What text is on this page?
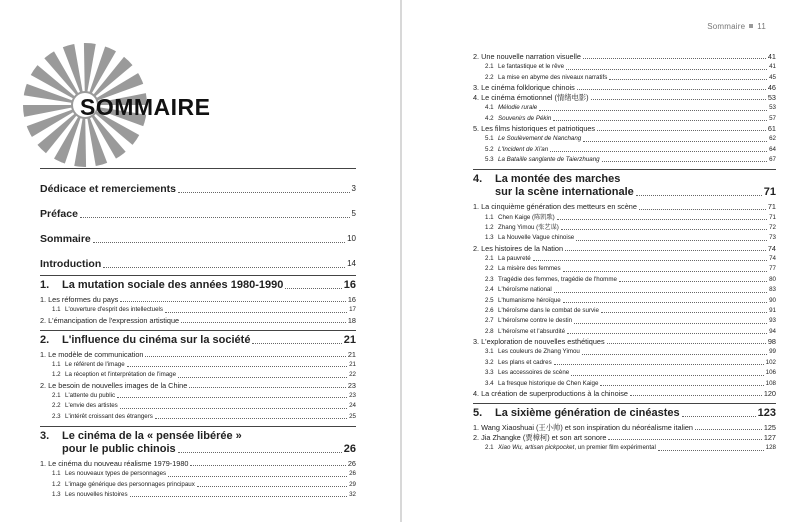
SOMMAIRE
Dédicace et remerciements	3
Préface	5
Sommaire	10
Introduction	14
1. La mutation sociale des années 1980-1990	16
1. Les réformes du pays	16
1.1 L'ouverture d'esprit des intellectuels	17
2. L'émancipation de l'expression artistique	18
2. L'influence du cinéma sur la société	21
1. Le modèle de communication	21
1.1 Le référent de l'image	21
1.2 La réception et l'interprétation de l'image	22
2. Le besoin de nouvelles images de la Chine	23
2.1 L'attente du public	23
2.2 L'envie des artistes	24
2.3 L'intérêt croissant des étrangers	25
3. Le cinéma de la « pensée libérée »
pour le public chinois	26
1. Le cinéma du nouveau réalisme 1979-1980	26
1.1 Les nouveaux types de personnages	26
1.2 L'image générique des personnages principaux	29
1.3 Les nouvelles histoires	32
Sommaire 11
2. Une nouvelle narration visuelle	41
2.1 Le fantastique et le rêve	41
2.2 La mise en abyme des niveaux narratifs	45
3. Le cinéma folklorique chinois	46
4. Le cinéma émotionnel (情绪电影)	53
4.1 Mélodie rurale	53
4.2 Souvenirs de Pékin	57
5. Les films historiques et patriotiques	61
5.1 Le Soulèvement de Nanchang	62
5.2 L'Incident de Xi'an	64
5.3 La Bataille sanglante de Taierzhuang	67
4. La montée des marches
sur la scène internationale	71
1. La cinquième génération des metteurs en scène	71
1.1 Chen Kaige (陈凯歌)	71
1.2 Zhang Yimou (张艺谋)	72
1.3 La Nouvelle Vague chinoise	73
2. Les histoires de la Nation	74
2.1 La pauvreté	74
2.2 La misère des femmes	77
2.3 Tragédie des femmes, tragédie de l'homme	80
2.4 L'héroïsme national	83
2.5 L'humanisme héroïque	90
2.6 L'héroïsme dans le combat de survie	91
2.7 L'héroïsme contre le destin	93
2.8 L'héroïsme et l'absurdité	94
3. L'exploration de nouvelles esthétiques	98
3.1 Les couleurs de Zhang Yimou	99
3.2 Les plans et cadres	102
3.3 Les accessoires de scène	106
3.4 La fresque historique de Chen Kaige	108
4. La création de superproductions à la chinoise	120
5. La sixième génération de cinéastes	123
1. Wang Xiaoshuai (王小帅) et son inspiration du néoréalisme italien	125
2. Jia Zhangke (贾樟柯) et son art sonore	127
2.1 Xiao Wu, artisan pickpocket, un premier film expérimental	128
